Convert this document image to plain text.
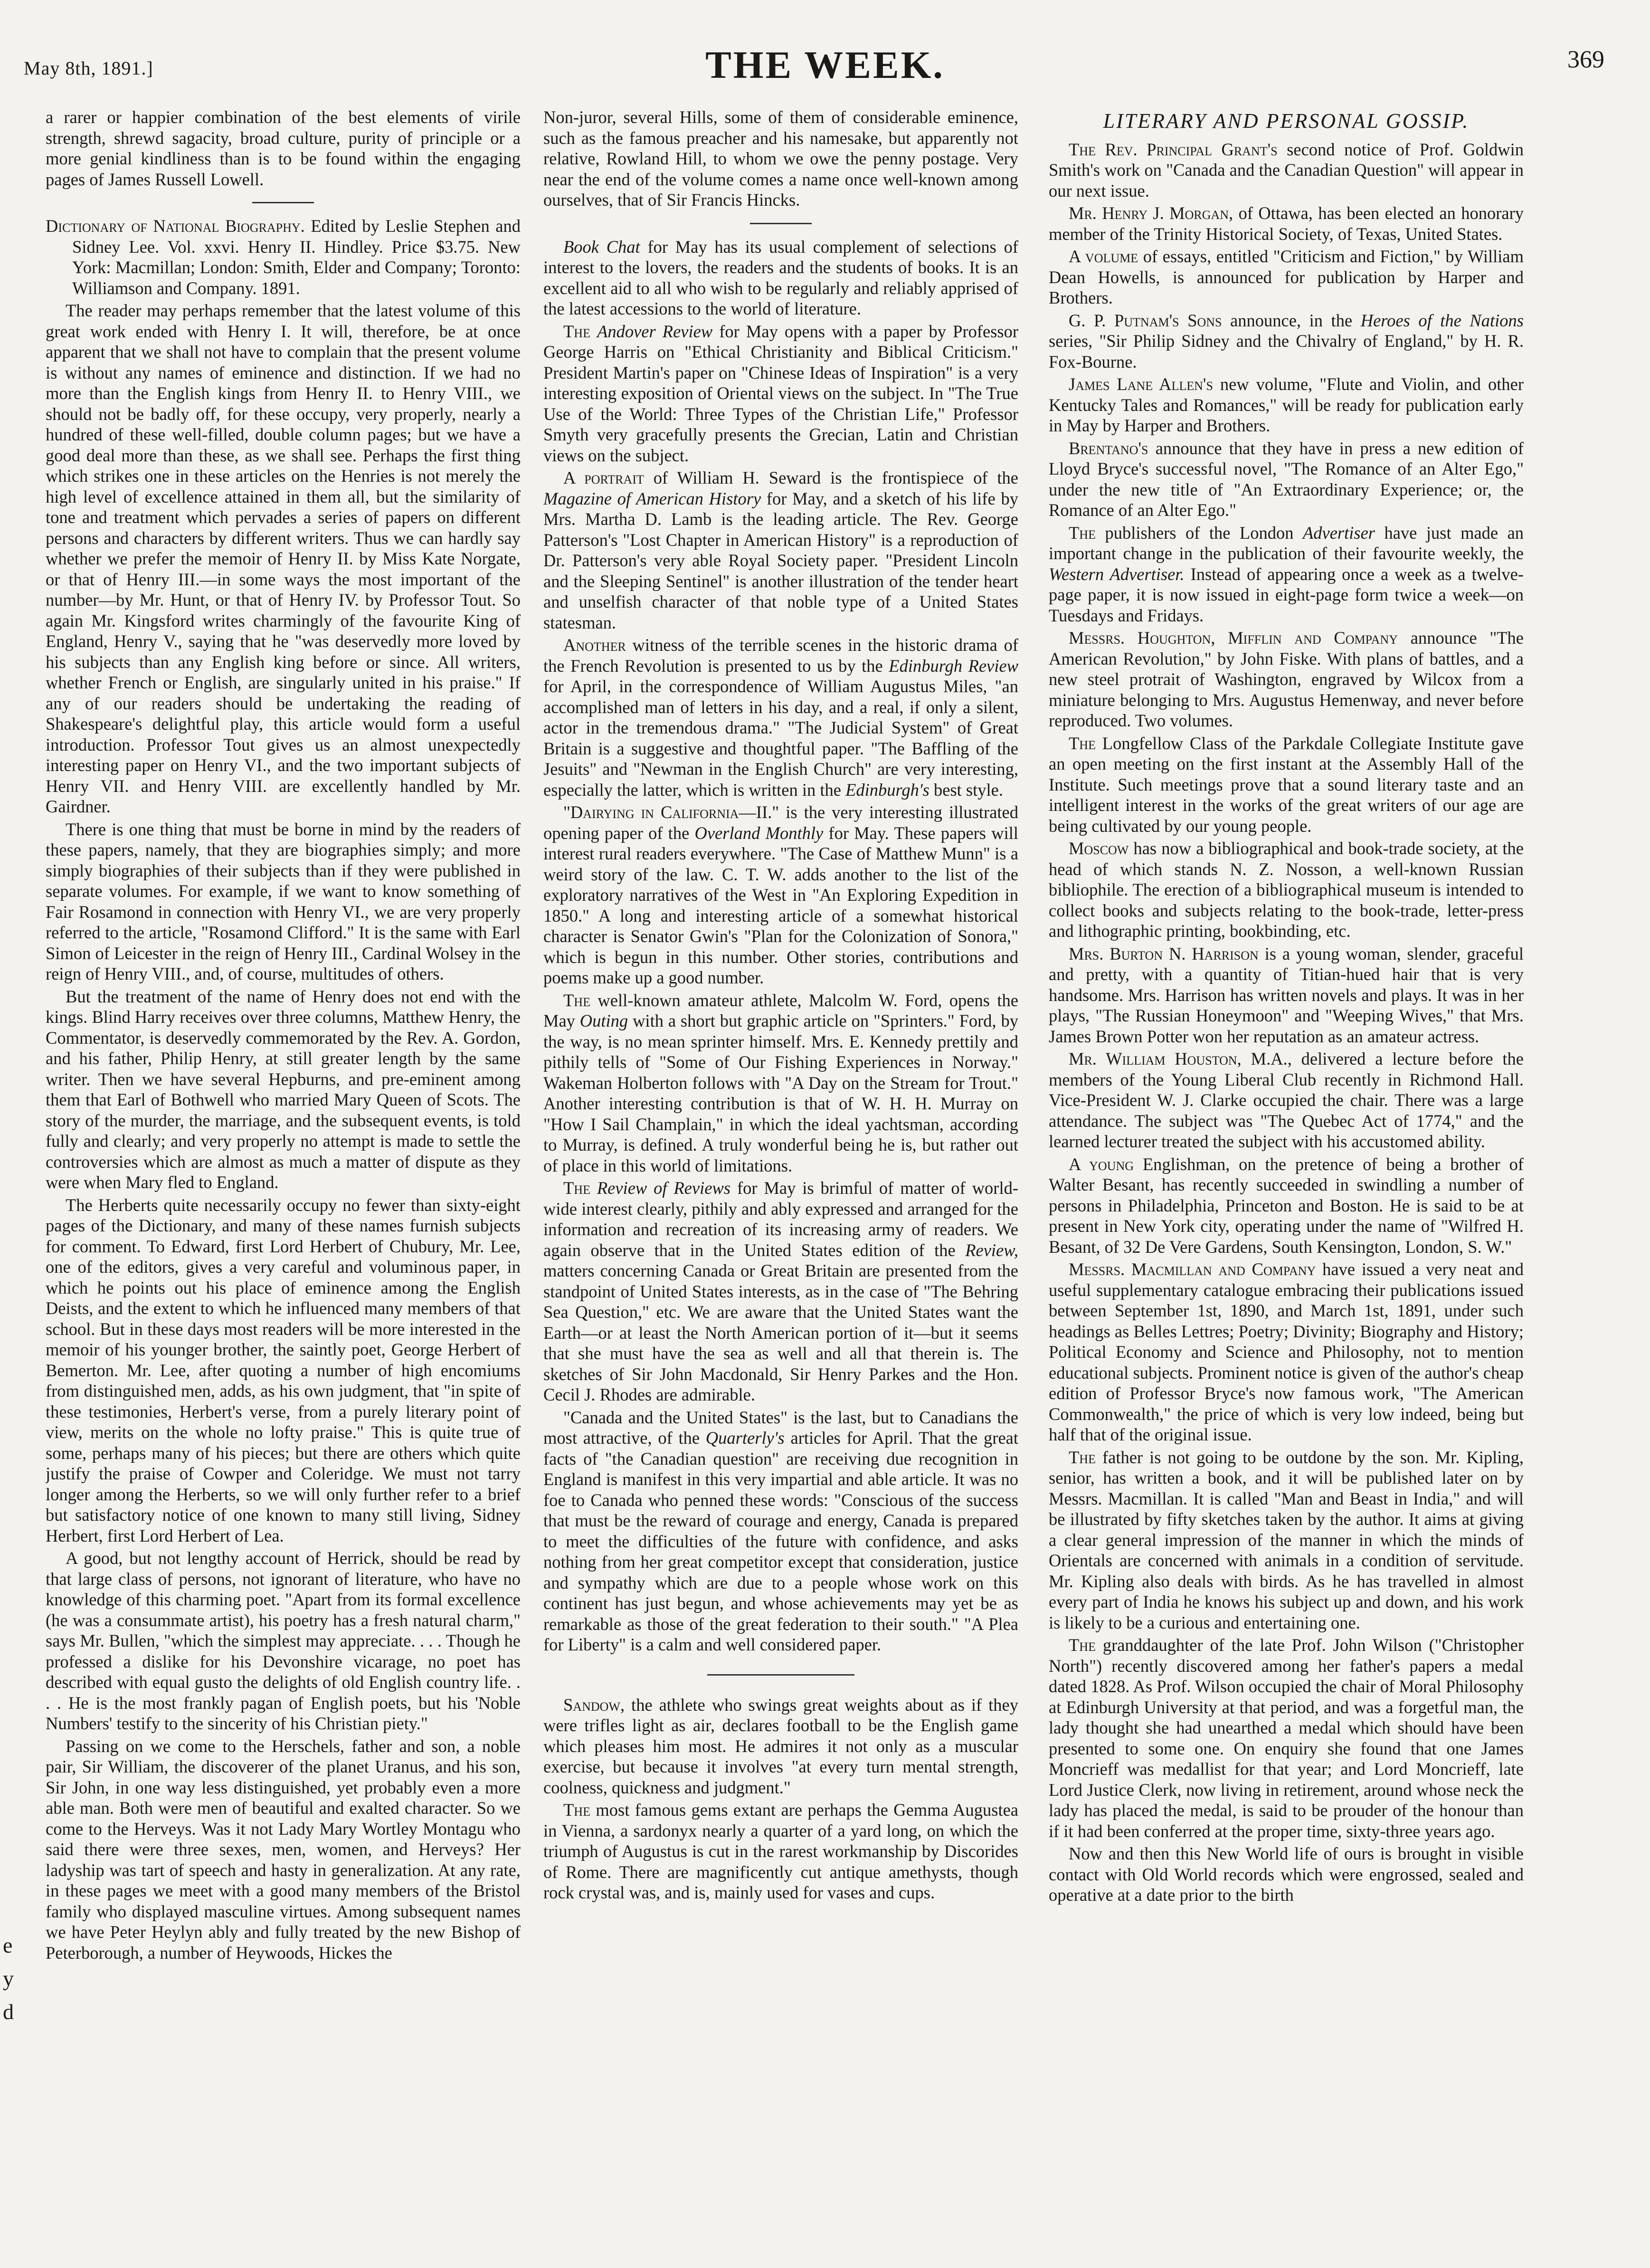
May 8th, 1891.]	THE WEEK.	369
e
y
d

a rarer or happier combination of the best elements of virile strength, shrewd sagacity, broad culture, purity of principle or a more genial kindliness than is to be found within the engaging pages of James Russell Lowell.

Dictionary of National Biography. Edited by Leslie Stephen and Sidney Lee. Vol. xxvi. Henry II. Hindley. Price $3.75. New York: Macmillan; London: Smith, Elder and Company; Toronto: Williamson and Company. 1891.

The reader may perhaps remember that the latest volume of this great work ended with Henry I. It will, therefore, be at once apparent that we shall not have to complain that the present volume is without any names of eminence and distinction. If we had no more than the English kings from Henry II. to Henry VIII., we should not be badly off, for these occupy, very properly, nearly a hundred of these well-filled, double column pages; but we have a good deal more than these, as we shall see. Perhaps the first thing which strikes one in these articles on the Henries is not merely the high level of excellence attained in them all, but the similarity of tone and treatment which pervades a series of papers on different persons and characters by different writers. Thus we can hardly say whether we prefer the memoir of Henry II. by Miss Kate Norgate, or that of Henry III.—in some ways the most important of the number—by Mr. Hunt, or that of Henry IV. by Professor Tout. So again Mr. Kingsford writes charmingly of the favourite King of England, Henry V., saying that he "was deservedly more loved by his subjects than any English king before or since. All writers, whether French or English, are singularly united in his praise." If any of our readers should be undertaking the reading of Shakespeare's delightful play, this article would form a useful introduction. Professor Tout gives us an almost unexpectedly interesting paper on Henry VI., and the two important subjects of Henry VII. and Henry VIII. are excellently handled by Mr. Gairdner.

There is one thing that must be borne in mind by the readers of these papers, namely, that they are biographies simply; and more simply biographies of their subjects than if they were published in separate volumes. For example, if we want to know something of Fair Rosamond in connection with Henry VI., we are very properly referred to the article, "Rosamond Clifford." It is the same with Earl Simon of Leicester in the reign of Henry III., Cardinal Wolsey in the reign of Henry VIII., and, of course, multitudes of others.

But the treatment of the name of Henry does not end with the kings. Blind Harry receives over three columns, Matthew Henry, the Commentator, is deservedly commemorated by the Rev. A. Gordon, and his father, Philip Henry, at still greater length by the same writer. Then we have several Hepburns, and pre-eminent among them that Earl of Bothwell who married Mary Queen of Scots. The story of the murder, the marriage, and the subsequent events, is told fully and clearly; and very properly no attempt is made to settle the controversies which are almost as much a matter of dispute as they were when Mary fled to England.

The Herberts quite necessarily occupy no fewer than sixty-eight pages of the Dictionary, and many of these names furnish subjects for comment. To Edward, first Lord Herbert of Chubury, Mr. Lee, one of the editors, gives a very careful and voluminous paper, in which he points out his place of eminence among the English Deists, and the extent to which he influenced many members of that school. But in these days most readers will be more interested in the memoir of his younger brother, the saintly poet, George Herbert of Bemerton. Mr. Lee, after quoting a number of high encomiums from distinguished men, adds, as his own judgment, that "in spite of these testimonies, Herbert's verse, from a purely literary point of view, merits on the whole no lofty praise." This is quite true of some, perhaps many of his pieces; but there are others which quite justify the praise of Cowper and Coleridge. We must not tarry longer among the Herberts, so we will only further refer to a brief but satisfactory notice of one known to many still living, Sidney Herbert, first Lord Herbert of Lea.

A good, but not lengthy account of Herrick, should be read by that large class of persons, not ignorant of literature, who have no knowledge of this charming poet. "Apart from its formal excellence (he was a consummate artist), his poetry has a fresh natural charm," says Mr. Bullen, "which the simplest may appreciate. . . . Though he professed a dislike for his Devonshire vicarage, no poet has described with equal gusto the delights of old English country life. . . . He is the most frankly pagan of English poets, but his 'Noble Numbers' testify to the sincerity of his Christian piety."

Passing on we come to the Herschels, father and son, a noble pair, Sir William, the discoverer of the planet Uranus, and his son, Sir John, in one way less distinguished, yet probably even a more able man. Both were men of beautiful and exalted character. So we come to the Herveys. Was it not Lady Mary Wortley Montagu who said there were three sexes, men, women, and Herveys? Her ladyship was tart of speech and hasty in generalization. At any rate, in these pages we meet with a good many members of the Bristol family who displayed masculine virtues. Among subsequent names we have Peter Heylyn ably and fully treated by the new Bishop of Peterborough, a number of Heywoods, Hickes the

Non-juror, several Hills, some of them of considerable eminence, such as the famous preacher and his namesake, but apparently not relative, Rowland Hill, to whom we owe the penny postage. Very near the end of the volume comes a name once well-known among ourselves, that of Sir Francis Hincks.

Book Chat for May has its usual complement of selections of interest to the lovers, the readers and the students of books. It is an excellent aid to all who wish to be regularly and reliably apprised of the latest accessions to the world of literature.

The Andover Review for May opens with a paper by Professor George Harris on "Ethical Christianity and Biblical Criticism." President Martin's paper on "Chinese Ideas of Inspiration" is a very interesting exposition of Oriental views on the subject. In "The True Use of the World: Three Types of the Christian Life," Professor Smyth very gracefully presents the Grecian, Latin and Christian views on the subject.

A portrait of William H. Seward is the frontispiece of the Magazine of American History for May, and a sketch of his life by Mrs. Martha D. Lamb is the leading article. The Rev. George Patterson's "Lost Chapter in American History" is a reproduction of Dr. Patterson's very able Royal Society paper. "President Lincoln and the Sleeping Sentinel" is another illustration of the tender heart and unselfish character of that noble type of a United States statesman.

Another witness of the terrible scenes in the historic drama of the French Revolution is presented to us by the Edinburgh Review for April, in the correspondence of William Augustus Miles, "an accomplished man of letters in his day, and a real, if only a silent, actor in the tremendous drama." "The Judicial System" of Great Britain is a suggestive and thoughtful paper. "The Baffling of the Jesuits" and "Newman in the English Church" are very interesting, especially the latter, which is written in the Edinburgh's best style.

"Dairying in California—II." is the very interesting illustrated opening paper of the Overland Monthly for May. These papers will interest rural readers everywhere. "The Case of Matthew Munn" is a weird story of the law. C. T. W. adds another to the list of the exploratory narratives of the West in "An Exploring Expedition in 1850." A long and interesting article of a somewhat historical character is Senator Gwin's "Plan for the Colonization of Sonora," which is begun in this number. Other stories, contributions and poems make up a good number.

The well-known amateur athlete, Malcolm W. Ford, opens the May Outing with a short but graphic article on "Sprinters." Ford, by the way, is no mean sprinter himself. Mrs. E. Kennedy prettily and pithily tells of "Some of Our Fishing Experiences in Norway." Wakeman Holberton follows with "A Day on the Stream for Trout." Another interesting contribution is that of W. H. H. Murray on "How I Sail Champlain," in which the ideal yachtsman, according to Murray, is defined. A truly wonderful being he is, but rather out of place in this world of limitations.

The Review of Reviews for May is brimful of matter of world-wide interest clearly, pithily and ably expressed and arranged for the information and recreation of its increasing army of readers. We again observe that in the United States edition of the Review, matters concerning Canada or Great Britain are presented from the standpoint of United States interests, as in the case of "The Behring Sea Question," etc. We are aware that the United States want the Earth—or at least the North American portion of it—but it seems that she must have the sea as well and all that therein is. The sketches of Sir John Macdonald, Sir Henry Parkes and the Hon. Cecil J. Rhodes are admirable.

"Canada and the United States" is the last, but to Canadians the most attractive, of the Quarterly's articles for April. That the great facts of "the Canadian question" are receiving due recognition in England is manifest in this very impartial and able article. It was no foe to Canada who penned these words: "Conscious of the success that must be the reward of courage and energy, Canada is prepared to meet the difficulties of the future with confidence, and asks nothing from her great competitor except that consideration, justice and sympathy which are due to a people whose work on this continent has just begun, and whose achievements may yet be as remarkable as those of the great federation to their south." "A Plea for Liberty" is a calm and well considered paper.

Sandow, the athlete who swings great weights about as if they were trifles light as air, declares football to be the English game which pleases him most. He admires it not only as a muscular exercise, but because it involves "at every turn mental strength, coolness, quickness and judgment."

The most famous gems extant are perhaps the Gemma Augustea in Vienna, a sardonyx nearly a quarter of a yard long, on which the triumph of Augustus is cut in the rarest workmanship by Discorides of Rome. There are magnificently cut antique amethysts, though rock crystal was, and is, mainly used for vases and cups.

LITERARY AND PERSONAL GOSSIP.

The Rev. Principal Grant's second notice of Prof. Goldwin Smith's work on "Canada and the Canadian Question" will appear in our next issue.

Mr. Henry J. Morgan, of Ottawa, has been elected an honorary member of the Trinity Historical Society, of Texas, United States.

A volume of essays, entitled "Criticism and Fiction," by William Dean Howells, is announced for publication by Harper and Brothers.

G. P. Putnam's Sons announce, in the Heroes of the Nations series, "Sir Philip Sidney and the Chivalry of England," by H. R. Fox-Bourne.

James Lane Allen's new volume, "Flute and Violin, and other Kentucky Tales and Romances," will be ready for publication early in May by Harper and Brothers.

Brentano's announce that they have in press a new edition of Lloyd Bryce's successful novel, "The Romance of an Alter Ego," under the new title of "An Extraordinary Experience; or, the Romance of an Alter Ego."

The publishers of the London Advertiser have just made an important change in the publication of their favourite weekly, the Western Advertiser. Instead of appearing once a week as a twelve-page paper, it is now issued in eight-page form twice a week—on Tuesdays and Fridays.

Messrs. Houghton, Mifflin and Company announce "The American Revolution," by John Fiske. With plans of battles, and a new steel protrait of Washington, engraved by Wilcox from a miniature belonging to Mrs. Augustus Hemenway, and never before reproduced. Two volumes.

The Longfellow Class of the Parkdale Collegiate Institute gave an open meeting on the first instant at the Assembly Hall of the Institute. Such meetings prove that a sound literary taste and an intelligent interest in the works of the great writers of our age are being cultivated by our young people.

Moscow has now a bibliographical and book-trade society, at the head of which stands N. Z. Nosson, a well-known Russian bibliophile. The erection of a bibliographical museum is intended to collect books and subjects relating to the book-trade, letter-press and lithographic printing, bookbinding, etc.

Mrs. Burton N. Harrison is a young woman, slender, graceful and pretty, with a quantity of Titian-hued hair that is very handsome. Mrs. Harrison has written novels and plays. It was in her plays, "The Russian Honeymoon" and "Weeping Wives," that Mrs. James Brown Potter won her reputation as an amateur actress.

Mr. William Houston, M.A., delivered a lecture before the members of the Young Liberal Club recently in Richmond Hall. Vice-President W. J. Clarke occupied the chair. There was a large attendance. The subject was "The Quebec Act of 1774," and the learned lecturer treated the subject with his accustomed ability.

A young Englishman, on the pretence of being a brother of Walter Besant, has recently succeeded in swindling a number of persons in Philadelphia, Princeton and Boston. He is said to be at present in New York city, operating under the name of "Wilfred H. Besant, of 32 De Vere Gardens, South Kensington, London, S. W."

Messrs. Macmillan and Company have issued a very neat and useful supplementary catalogue embracing their publications issued between September 1st, 1890, and March 1st, 1891, under such headings as Belles Lettres; Poetry; Divinity; Biography and History; Political Economy and Science and Philosophy, not to mention educational subjects. Prominent notice is given of the author's cheap edition of Professor Bryce's now famous work, "The American Commonwealth," the price of which is very low indeed, being but half that of the original issue.

The father is not going to be outdone by the son. Mr. Kipling, senior, has written a book, and it will be published later on by Messrs. Macmillan. It is called "Man and Beast in India," and will be illustrated by fifty sketches taken by the author. It aims at giving a clear general impression of the manner in which the minds of Orientals are concerned with animals in a condition of servitude. Mr. Kipling also deals with birds. As he has travelled in almost every part of India he knows his subject up and down, and his work is likely to be a curious and entertaining one.

The granddaughter of the late Prof. John Wilson ("Christopher North") recently discovered among her father's papers a medal dated 1828. As Prof. Wilson occupied the chair of Moral Philosophy at Edinburgh University at that period, and was a forgetful man, the lady thought she had unearthed a medal which should have been presented to some one. On enquiry she found that one James Moncrieff was medallist for that year; and Lord Moncrieff, late Lord Justice Clerk, now living in retirement, around whose neck the lady has placed the medal, is said to be prouder of the honour than if it had been conferred at the proper time, sixty-three years ago.

Now and then this New World life of ours is brought in visible contact with Old World records which were engrossed, sealed and operative at a date prior to the birth
